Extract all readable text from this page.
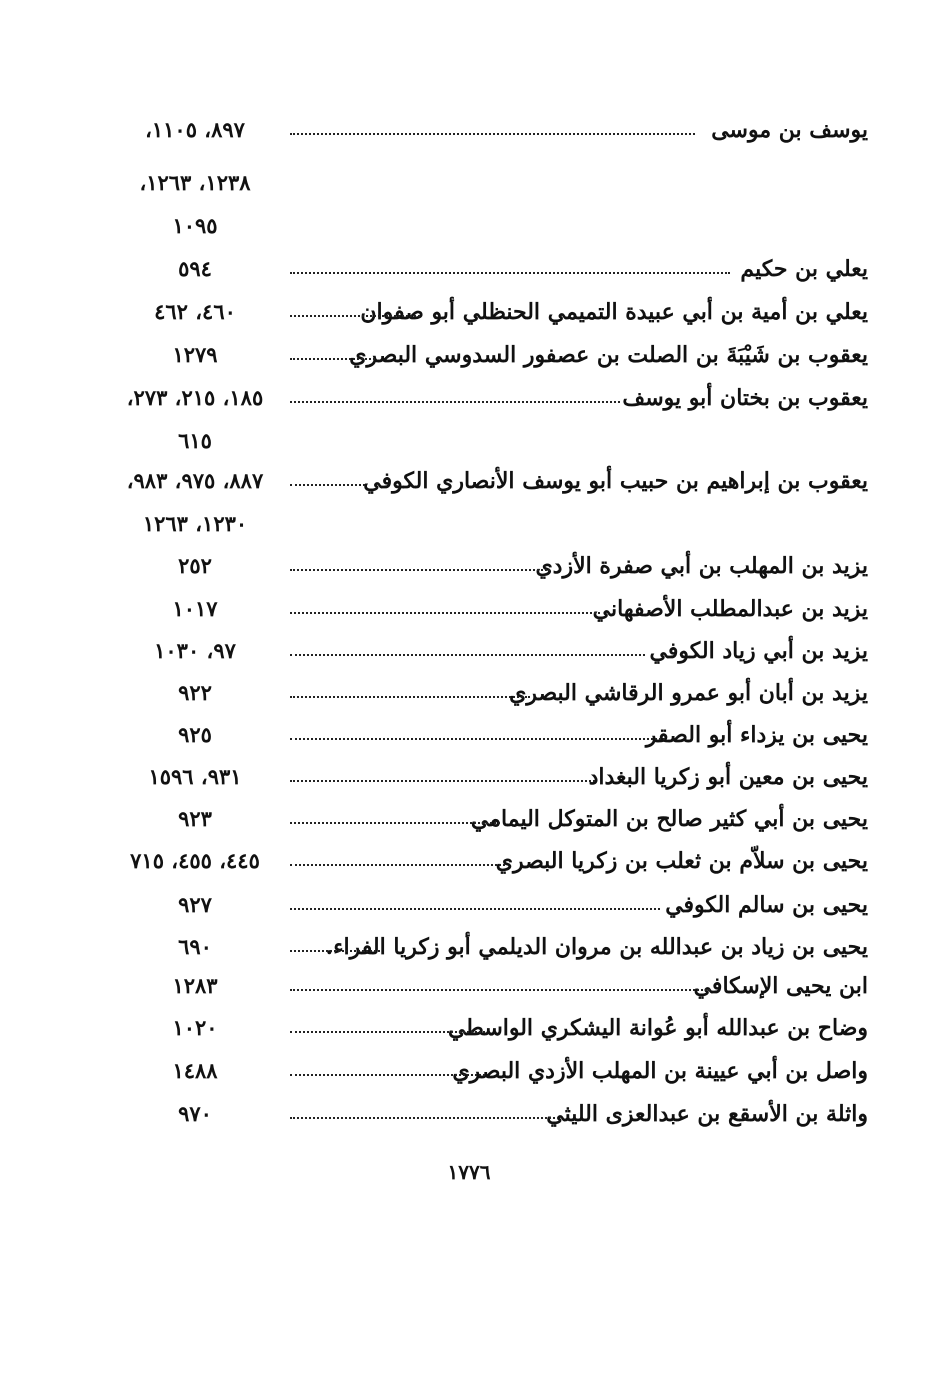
يوسف بن موسى
٨٩٧، ١١٠٥،
١٢٣٨، ١٢٦٣،
١٠٩٥
يعلي بن حكيم
٥٩٤
يعلي بن أمية بن أبي عبيدة التميمي الحنظلي أبو صفوان
٤٦٠، ٤٦٢
يعقوب بن شَيْبَةَ بن الصلت بن عصفور السدوسي البصري
١٢٧٩
يعقوب بن بختان أبو يوسف
١٨٥، ٢١٥، ٢٧٣،
٦١٥
يعقوب بن إبراهيم بن حبيب أبو يوسف الأنصاري الكوفي
٨٨٧، ٩٧٥، ٩٨٣،
١٢٣٠، ١٢٦٣
يزيد بن المهلب بن أبي صفرة الأزدي
٢٥٢
يزيد بن عبدالمطلب الأصفهاني
١٠١٧
يزيد بن أبي زياد الكوفي
٩٧، ١٠٣٠
يزيد بن أبان أبو عمرو الرقاشي البصري
٩٢٢
يحيى بن يزداء أبو الصقر
٩٢٥
يحيى بن معين أبو زكريا البغداد
٩٣١، ١٥٩٦
يحيى بن أبي كثير صالح بن المتوكل اليمامي
٩٢٣
يحيى بن سلاّم بن ثعلب بن زكريا البصري
٤٤٥، ٤٥٥، ٧١٥
يحيى بن سالم الكوفي
٩٢٧
يحيى بن زياد بن عبدالله بن مروان الديلمي أبو زكريا الفراء.
٦٩٠
ابن يحيى الإسكافي
١٢٨٣
وضاح بن عبدالله أبو عُوانة اليشكري الواسطي
١٠٢٠
واصل بن أبي عيينة بن المهلب الأزدي البصري
١٤٨٨
واثلة بن الأسقع بن عبدالعزى الليثي
٩٧٠
١٧٧٦
